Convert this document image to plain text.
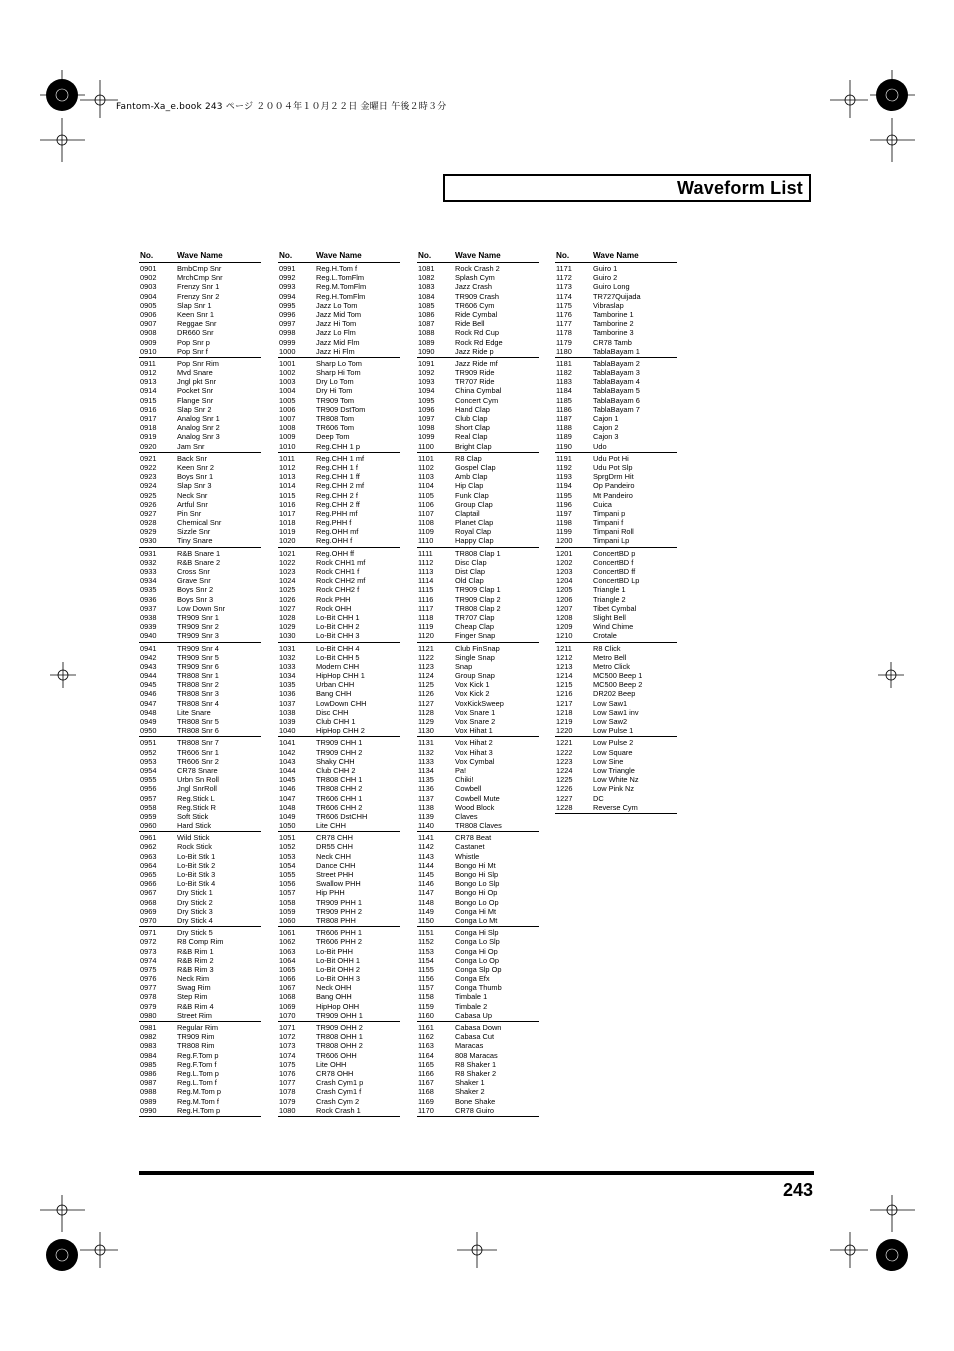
Fantom-Xa_e.book 243 ページ ２００４年１０月２２日 金曜日 午後２時３分
Waveform List
No.	Wave Name
0901	BmbCmp Snr
0902	MrchCmp Snr
0903	Frenzy Snr 1
0904	Frenzy Snr 2
0905	Slap Snr 1
0906	Keen Snr 1
0907	Reggae Snr
0908	DR660 Snr
0909	Pop Snr p
0910	Pop Snr f
0911	Pop Snr Rim
0912	Mvd Snare
0913	Jngl pkt Snr
0914	Pocket Snr
0915	Flange Snr
0916	Slap Snr 2
0917	Analog Snr 1
0918	Analog Snr 2
0919	Analog Snr 3
0920	Jam Snr
0921	Back Snr
0922	Keen Snr 2
0923	Boys Snr 1
0924	Slap Snr 3
0925	Neck Snr
0926	Artful Snr
0927	Pin Snr
0928	Chemical Snr
0929	Sizzle Snr
0930	Tiny Snare
0931	R&B Snare 1
0932	R&B Snare 2
0933	Cross Snr
0934	Grave Snr
0935	Boys Snr 2
0936	Boys Snr 3
0937	Low Down Snr
0938	TR909 Snr 1
0939	TR909 Snr 2
0940	TR909 Snr 3
0941	TR909 Snr 4
0942	TR909 Snr 5
0943	TR909 Snr 6
0944	TR808 Snr 1
0945	TR808 Snr 2
0946	TR808 Snr 3
0947	TR808 Snr 4
0948	Lite Snare
0949	TR808 Snr 5
0950	TR808 Snr 6
0951	TR808 Snr 7
0952	TR606 Snr 1
0953	TR606 Snr 2
0954	CR78 Snare
0955	Urbn Sn Roll
0956	Jngl SnrRoll
0957	Reg.Stick L
0958	Reg.Stick R
0959	Soft Stick
0960	Hard Stick
0961	Wild Stick
0962	Rock Stick
0963	Lo-Bit Stk 1
0964	Lo-Bit Stk 2
0965	Lo-Bit Stk 3
0966	Lo-Bit Stk 4
0967	Dry Stick 1
0968	Dry Stick 2
0969	Dry Stick 3
0970	Dry Stick 4
0971	Dry Stick 5
0972	R8 Comp Rim
0973	R&B Rim 1
0974	R&B Rim 2
0975	R&B Rim 3
0976	Neck Rim
0977	Swag Rim
0978	Step Rim
0979	R&B Rim 4
0980	Street Rim
0981	Regular Rim
0982	TR909 Rim
0983	TR808 Rim
0984	Reg.F.Tom p
0985	Reg.F.Tom f
0986	Reg.L.Tom p
0987	Reg.L.Tom f
0988	Reg.M.Tom p
0989	Reg.M.Tom f
0990	Reg.H.Tom p
No.	Wave Name
0991	Reg.H.Tom f
0992	Reg.L.TomFlm
0993	Reg.M.TomFlm
0994	Reg.H.TomFlm
0995	Jazz Lo Tom
0996	Jazz Mid Tom
0997	Jazz Hi Tom
0998	Jazz Lo Flm
0999	Jazz Mid Flm
1000	Jazz Hi Flm
1001	Sharp Lo Tom
1002	Sharp Hi Tom
1003	Dry Lo Tom
1004	Dry Hi Tom
1005	TR909 Tom
1006	TR909 DstTom
1007	TR808 Tom
1008	TR606 Tom
1009	Deep Tom
1010	Reg.CHH 1 p
1011	Reg.CHH 1 mf
1012	Reg.CHH 1 f
1013	Reg.CHH 1 ff
1014	Reg.CHH 2 mf
1015	Reg.CHH 2 f
1016	Reg.CHH 2 ff
1017	Reg.PHH mf
1018	Reg.PHH f
1019	Reg.OHH mf
1020	Reg.OHH f
1021	Reg.OHH ff
1022	Rock CHH1 mf
1023	Rock CHH1 f
1024	Rock CHH2 mf
1025	Rock CHH2 f
1026	Rock PHH
1027	Rock OHH
1028	Lo-Bit CHH 1
1029	Lo-Bit CHH 2
1030	Lo-Bit CHH 3
1031	Lo-Bit CHH 4
1032	Lo-Bit CHH 5
1033	Modern CHH
1034	HipHop CHH 1
1035	Urban CHH
1036	Bang CHH
1037	LowDown CHH
1038	Disc CHH
1039	Club CHH 1
1040	HipHop CHH 2
1041	TR909 CHH 1
1042	TR909 CHH 2
1043	Shaky CHH
1044	Club CHH 2
1045	TR808 CHH 1
1046	TR808 CHH 2
1047	TR606 CHH 1
1048	TR606 CHH 2
1049	TR606 DstCHH
1050	Lite CHH
1051	CR78 CHH
1052	DR55 CHH
1053	Neck CHH
1054	Dance CHH
1055	Street PHH
1056	Swallow PHH
1057	Hip PHH
1058	TR909 PHH 1
1059	TR909 PHH 2
1060	TR808 PHH
1061	TR606 PHH 1
1062	TR606 PHH 2
1063	Lo-Bit PHH
1064	Lo-Bit OHH 1
1065	Lo-Bit OHH 2
1066	Lo-Bit OHH 3
1067	Neck OHH
1068	Bang OHH
1069	HipHop OHH
1070	TR909 OHH 1
1071	TR909 OHH 2
1072	TR808 OHH 1
1073	TR808 OHH 2
1074	TR606 OHH
1075	Lite OHH
1076	CR78 OHH
1077	Crash Cym1 p
1078	Crash Cym1 f
1079	Crash Cym 2
1080	Rock Crash 1
No.	Wave Name
1081	Rock Crash 2
1082	Splash Cym
1083	Jazz Crash
1084	TR909 Crash
1085	TR606 Cym
1086	Ride Cymbal
1087	Ride Bell
1088	Rock Rd Cup
1089	Rock Rd Edge
1090	Jazz Ride p
1091	Jazz Ride mf
1092	TR909 Ride
1093	TR707 Ride
1094	China Cymbal
1095	Concert Cym
1096	Hand Clap
1097	Club Clap
1098	Short Clap
1099	Real Clap
1100	Bright Clap
1101	R8 Clap
1102	Gospel Clap
1103	Amb Clap
1104	Hip Clap
1105	Funk Clap
1106	Group Clap
1107	Claptail
1108	Planet Clap
1109	Royal Clap
1110	Happy Clap
1111	TR808 Clap 1
1112	Disc Clap
1113	Dist Clap
1114	Old Clap
1115	TR909 Clap 1
1116	TR909 Clap 2
1117	TR808 Clap 2
1118	TR707 Clap
1119	Cheap Clap
1120	Finger Snap
1121	Club FinSnap
1122	Single Snap
1123	Snap
1124	Group Snap
1125	Vox Kick 1
1126	Vox Kick 2
1127	VoxKickSweep
1128	Vox Snare 1
1129	Vox Snare 2
1130	Vox Hihat 1
1131	Vox Hihat 2
1132	Vox Hihat 3
1133	Vox Cymbal
1134	Pa!
1135	Chiki!
1136	Cowbell
1137	Cowbell Mute
1138	Wood Block
1139	Claves
1140	TR808 Claves
1141	CR78 Beat
1142	Castanet
1143	Whistle
1144	Bongo Hi Mt
1145	Bongo Hi Slp
1146	Bongo Lo Slp
1147	Bongo Hi Op
1148	Bongo Lo Op
1149	Conga Hi Mt
1150	Conga Lo Mt
1151	Conga Hi Slp
1152	Conga Lo Slp
1153	Conga Hi Op
1154	Conga Lo Op
1155	Conga Slp Op
1156	Conga Efx
1157	Conga Thumb
1158	Timbale 1
1159	Timbale 2
1160	Cabasa Up
1161	Cabasa Down
1162	Cabasa Cut
1163	Maracas
1164	808 Maracas
1165	R8 Shaker 1
1166	R8 Shaker 2
1167	Shaker 1
1168	Shaker 2
1169	Bone Shake
1170	CR78 Guiro
No.	Wave Name
1171	Guiro 1
1172	Guiro 2
1173	Guiro Long
1174	TR727Quijada
1175	Vibraslap
1176	Tamborine 1
1177	Tamborine 2
1178	Tamborine 3
1179	CR78 Tamb
1180	TablaBayam 1
1181	TablaBayam 2
1182	TablaBayam 3
1183	TablaBayam 4
1184	TablaBayam 5
1185	TablaBayam 6
1186	TablaBayam 7
1187	Cajon 1
1188	Cajon 2
1189	Cajon 3
1190	Udo
1191	Udu Pot Hi
1192	Udu Pot Slp
1193	SprgDrm Hit
1194	Op Pandeiro
1195	Mt Pandeiro
1196	Cuica
1197	Timpani p
1198	Timpani f
1199	Timpani Roll
1200	Timpani Lp
1201	ConcertBD p
1202	ConcertBD f
1203	ConcertBD ff
1204	ConcertBD Lp
1205	Triangle 1
1206	Triangle 2
1207	Tibet Cymbal
1208	Slight Bell
1209	Wind Chime
1210	Crotale
1211	R8 Click
1212	Metro Bell
1213	Metro Click
1214	MC500 Beep 1
1215	MC500 Beep 2
1216	DR202 Beep
1217	Low Saw1
1218	Low Saw1 inv
1219	Low Saw2
1220	Low Pulse 1
1221	Low Pulse 2
1222	Low Square
1223	Low Sine
1224	Low Triangle
1225	Low White Nz
1226	Low Pink Nz
1227	DC
1228	Reverse Cym
243
